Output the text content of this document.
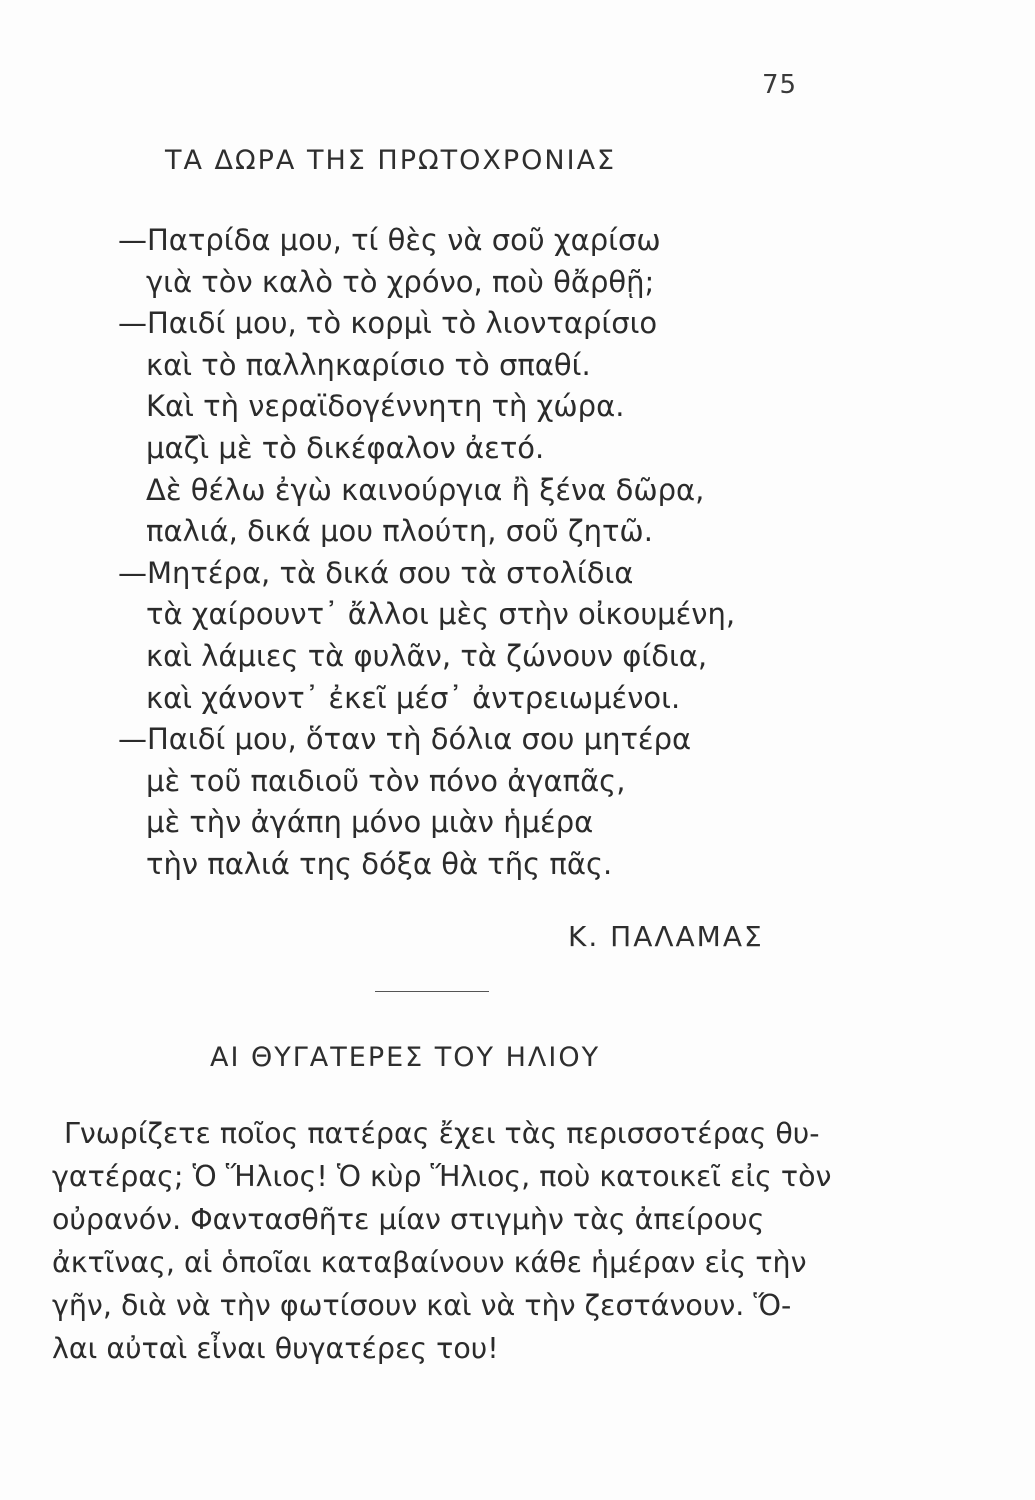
75
ΤΑ ΔΩΡΑ ΤΗΣ ΠΡΩΤΟΧΡΟΝΙΑΣ
—Πατρίδα μου, τί θὲς νὰ σοῦ χαρίσω
γιὰ τὸν καλὸ τὸ χρόνο, ποὺ θἄρθῇ;
—Παιδί μου, τὸ κορμὶ τὸ λιονταρίσιο
καὶ τὸ παλληκαρίσιο τὸ σπαθί.
Καὶ τὴ νεραϊδογέννητη τὴ χώρα.
μαζὶ μὲ τὸ δικέφαλον ἀετό.
Δὲ θέλω ἐγὼ καινούργια ἢ ξένα δῶρα,
παλιά, δικά μου πλούτη, σοῦ ζητῶ.
—Μητέρα, τὰ δικά σου τὰ στολίδια
τὰ χαίρουντ᾽ ἄλλοι μὲς στὴν οἰκουμένη,
καὶ λάμιες τὰ φυλᾶν, τὰ ζώνουν φίδια,
καὶ χάνοντ᾽ ἐκεῖ μέσ᾽ ἀντρειωμένοι.
—Παιδί μου, ὅταν τὴ δόλια σου μητέρα
μὲ τοῦ παιδιοῦ τὸν πόνο ἀγαπᾶς,
μὲ τὴν ἀγάπη μόνο μιὰν ἡμέρα
τὴν παλιά της δόξα θὰ τῆς πᾶς.
Κ. ΠΑΛΑΜΑΣ
ΑΙ ΘΥΓΑΤΕΡΕΣ ΤΟΥ ΗΛΙΟΥ
Γνωρίζετε ποῖος πατέρας ἔχει τὰς περισσοτέρας θυ-
γατέρας; Ὁ Ἥλιος! Ὁ κὺρ Ἥλιος, ποὺ κατοικεῖ εἰς τὸν
οὐρανόν. Φαντασθῆτε μίαν στιγμὴν τὰς ἀπείρους
ἀκτῖνας, αἱ ὁποῖαι καταβαίνουν κάθε ἡμέραν εἰς τὴν
γῆν, διὰ νὰ τὴν φωτίσουν καὶ νὰ τὴν ζεστάνουν. Ὅ-
λαι αὐταὶ εἶναι θυγατέρες του!
